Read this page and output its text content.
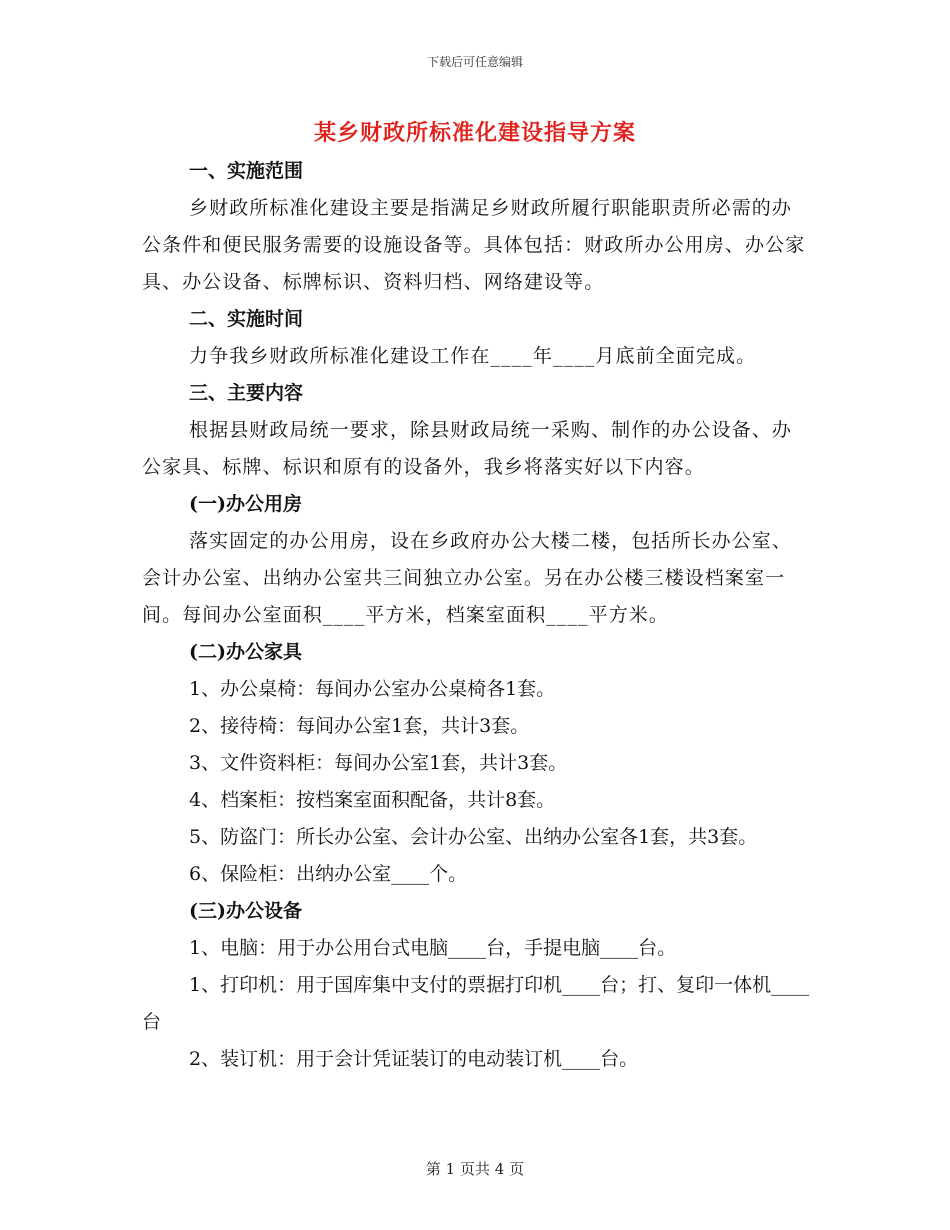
下载后可任意编辑
某乡财政所标准化建设指导方案
一、实施范围
乡财政所标准化建设主要是指满足乡财政所履行职能职责所必需的办公条件和便民服务需要的设施设备等。具体包括：财政所办公用房、办公家具、办公设备、标牌标识、资料归档、网络建设等。
二、实施时间
力争我乡财政所标准化建设工作在____年____月底前全面完成。
三、主要内容
根据县财政局统一要求，除县财政局统一采购、制作的办公设备、办公家具、标牌、标识和原有的设备外，我乡将落实好以下内容。
(一)办公用房
落实固定的办公用房，设在乡政府办公大楼二楼，包括所长办公室、会计办公室、出纳办公室共三间独立办公室。另在办公楼三楼设档案室一间。每间办公室面积____平方米，档案室面积____平方米。
(二)办公家具
1、办公桌椅：每间办公室办公桌椅各1套。
2、接待椅：每间办公室1套，共计3套。
3、文件资料柜：每间办公室1套，共计3套。
4、档案柜：按档案室面积配备，共计8套。
5、防盗门：所长办公室、会计办公室、出纳办公室各1套，共3套。
6、保险柜：出纳办公室____个。
(三)办公设备
1、电脑：用于办公用台式电脑____台，手提电脑____台。
1、打印机：用于国库集中支付的票据打印机____台；打、复印一体机____台
2、装订机：用于会计凭证装订的电动装订机____台。
第 1 页共 4 页
